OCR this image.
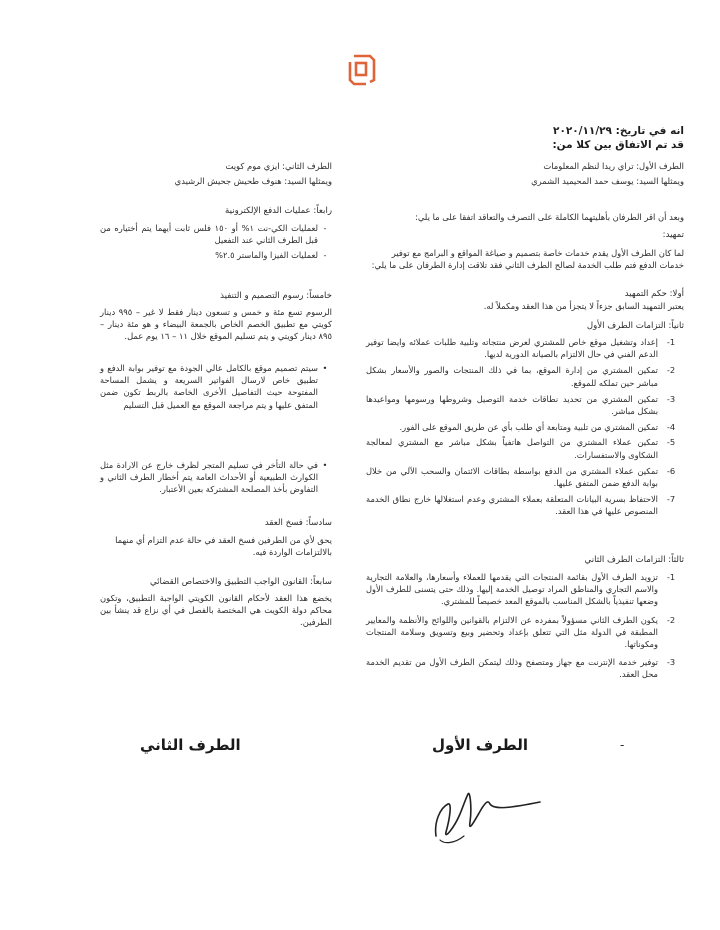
انه في تاريخ: ٢٠٢٠/١١/٢٩
قد تم الاتفاق بين كلا من:
الطرف الأول: تراي ريدا لنظم المعلومات
ويمثلها السيد: يوسف حمد المحيميد الشمري
الطرف الثاني: ايزي موم كويت
ويمثلها السيد: هنوف طحيش جحيش الرشيدي
وبعد أن اقر الطرفان بأهليتهما الكاملة على التصرف والتعاقد اتفقا على ما يلي:
تمهيد:
لما كان الطرف الأول يقدم خدمات خاصة بتصميم و صياغة المواقع و البرامج مع توفير خدمات الدفع فتم طلب الخدمة لصالح الطرف الثاني فقد تلاقت إدارة الطرفان على ما يلي:
أولا: حكم التمهيد
يعتبر التمهيد السابق جزءاً لا يتجزأ من هذا العقد ومكملاً له.
ثانياً: التزامات الطرف الأول
1-
إعداد وتشغيل موقع خاص للمشتري لعرض منتجاته وتلبية طلبات عملائه وايضا توفير الدعم الفني في حال الالتزام بالصيانة الدورية لديها.
2-
تمكين المشتري من إدارة الموقع، بما في ذلك المنتجات والصور والأسعار بشكل مباشر حين تملكه للموقع.
3-
تمكين المشتري من تحديد نطاقات خدمة التوصيل وشروطها ورسومها ومواعيدها بشكل مباشر.
4-
تمكين المشتري من تلبية ومتابعة أي طلب بأي عن طريق الموقع على الفور.
5-
تمكين عملاء المشتري من التواصل هاتفياً بشكل مباشر مع المشتري لمعالجة الشكاوى والاستفسارات.
6-
تمكين عملاء المشتري من الدفع بواسطة بطاقات الائتمان والسحب الآلي من خلال بوابة الدفع ضمن المتفق عليها.
7-
الاحتفاظ بسرية البيانات المتعلقة بعملاء المشتري وعدم استغلالها خارج نطاق الخدمة المنصوص عليها في هذا العقد.
ثالثاً: التزامات الطرف الثاني
1-
تزويد الطرف الأول بقائمة المنتجات التي يقدمها للعملاء وأسعارها، والعلامة التجارية والاسم التجاري والمناطق المراد توصيل الخدمة إليها. وذلك حتى يتسنى للطرف الأول وضعها تنفيذياً بالشكل المناسب بالموقع المعد خصيصاً للمشتري.
2-
يكون الطرف الثاني مسؤولاً بمفرده عن الالتزام بالقوانين واللوائح والأنظمة والمعايير المطبقة في الدولة مثل التي تتعلق بإعداد وتحضير وبيع وتسويق وسلامة المنتجات ومكوناتها.
3-
توفير خدمة الإنترنت مع جهاز ومتصفح وذلك ليتمكن الطرف الأول من تقديم الخدمة محل العقد.
رابعاً: عمليات الدفع الإلكترونية
-
لعمليات الكي-نت ١% أو ١٥٠ فلس ثابت أيهما يتم أختياره من قبل الطرف الثاني عند التفعيل
-
لعمليات الفيزا والماستر ٢.٥%
خامساً: رسوم التصميم و التنفيذ
الرسوم تسع مئة و خمس و تسعون دينار فقط لا غير – ٩٩٥ دينار كويتي مع تطبيق الخصم الخاص بالجمعة البيضاء و هو مئة دينار – ٨٩٥ دينار كويتي و يتم تسليم الموقع خلال ١١ – ١٦ يوم عمل.
•
سيتم تصميم موقع بالكامل عالي الجودة مع توفير بوابة الدفع و تطبيق خاص لارسال الفواتير السريعة و يشمل المساحة المفتوحة حيث التفاصيل الأخرى الخاصة بالربط تكون ضمن المتفق عليها و يتم مراجعة الموقع مع العميل قبل التسليم
•
في حالة التأخر في تسليم المتجر لظرف خارج عن الارادة مثل الكوارث الطبيعية أو الأحداث العامة يتم أخطار الطرف الثاني و التفاوض بأخذ المصلحة المشتركة بعين الأعتبار.
سادساً: فسخ العقد
يحق لأي من الطرفين فسخ العقد في حالة عدم التزام أي منهما بالالتزامات الواردة فيه.
سابعاً: القانون الواجب التطبيق والاختصاص القضائي
يخضع هذا العقد لأحكام القانون الكويتي الواجبة التطبيق، وتكون محاكم دولة الكويت هي المختصة بالفصل في أي نزاع قد ينشأ بين الطرفين.
-
الطرف الأول
الطرف الثاني
